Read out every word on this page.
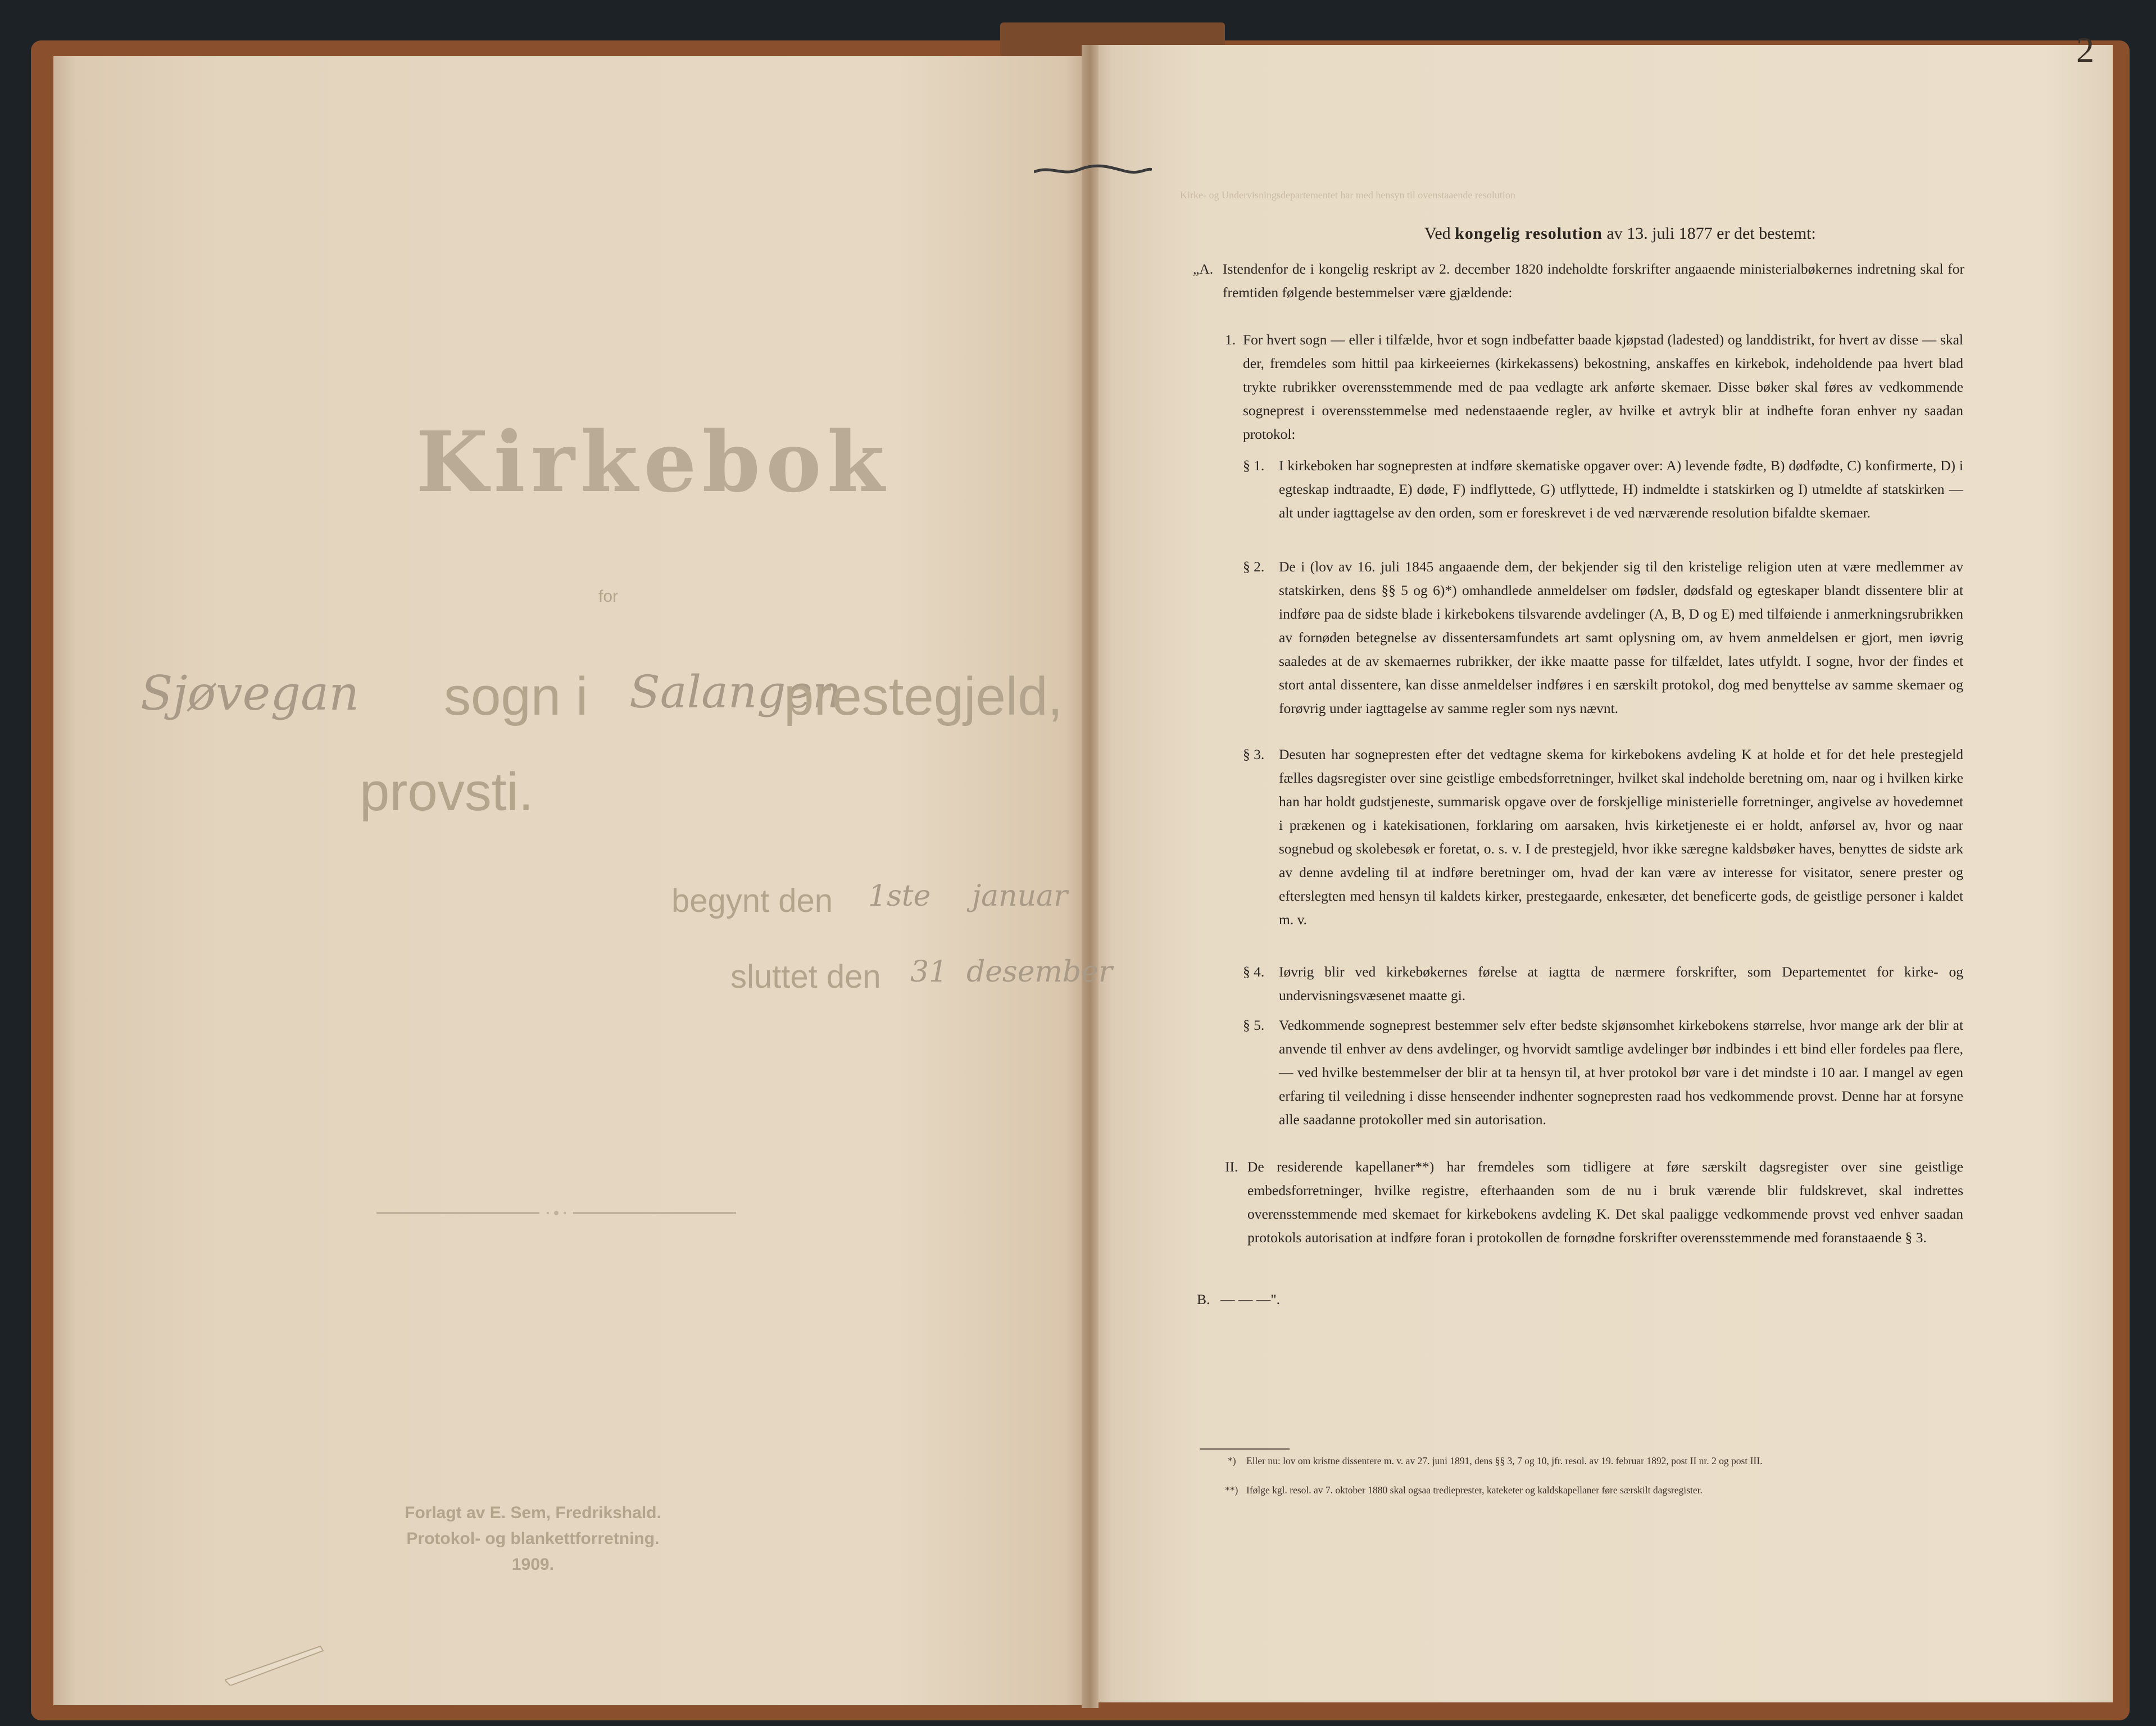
Kirkebok
for
Sjøvegan sogn i Salangen
prestegjeld,
provsti.
begynt den 1ste januar
sluttet den 31 desember
Forlagt av E. Sem, Fredrikshald.
Protokol- og blankettforretning.
1909.
2
Kirke- og Undervisningsdepartementet har med hensyn til ovenstaaende resolution
Ved kongelig resolution av 13. juli 1877 er det bestemt:
„A. Istendenfor de i kongelig reskript av 2. december 1820 indeholdte forskrifter angaaende ministerialbøkernes indretning skal for fremtiden følgende bestemmelser være gjældende:
1. For hvert sogn — eller i tilfælde, hvor et sogn indbefatter baade kjøpstad (ladested) og landdistrikt, for hvert av disse — skal der, fremdeles som hittil paa kirkeeiernes (kirkekassens) bekostning, anskaffes en kirkebok, indeholdende paa hvert blad trykte rubrikker overensstemmende med de paa vedlagte ark anførte skemaer. Disse bøker skal føres av vedkommende sogneprest i overensstemmelse med nedenstaaende regler, av hvilke et avtryk blir at indhefte foran enhver ny saadan protokol:
§ 1.	I kirkeboken har sognepresten at indføre skematiske opgaver over: A) levende fødte, B) dødfødte, C) konfirmerte, D) i egteskap indtraadte, E) døde, F) indflyttede, G) utflyttede, H) indmeldte i statskirken og I) utmeldte af statskirken — alt under iagttagelse av den orden, som er foreskrevet i de ved nærværende resolution bifaldte skemaer.
§ 2.	De i (lov av 16. juli 1845 angaaende dem, der bekjender sig til den kristelige religion uten at være medlemmer av statskirken, dens §§ 5 og 6)*) omhandlede anmeldelser om fødsler, dødsfald og egteskaper blandt dissentere blir at indføre paa de sidste blade i kirkebokens tilsvarende avdelinger (A, B, D og E) med tilføiende i anmerkningsrubrikken av fornøden betegnelse av dissentersamfundets art samt oplysning om, av hvem anmeldelsen er gjort, men iøvrig saaledes at de av skemaernes rubrikker, der ikke maatte passe for tilfældet, lates utfyldt. I sogne, hvor der findes et stort antal dissentere, kan disse anmeldelser indføres i en særskilt protokol, dog med benyttelse av samme skemaer og forøvrig under iagttagelse av samme regler som nys nævnt.
§ 3.	Desuten har sognepresten efter det vedtagne skema for kirkebokens avdeling K at holde et for det hele prestegjeld fælles dagsregister over sine geistlige embedsforretninger, hvilket skal indeholde beretning om, naar og i hvilken kirke han har holdt gudstjeneste, summarisk opgave over de forskjellige ministerielle forretninger, angivelse av hovedemnet i prækenen og i katekisationen, forklaring om aarsaken, hvis kirketjeneste ei er holdt, anførsel av, hvor og naar sognebud og skolebesøk er foretat, o. s. v. I de prestegjeld, hvor ikke særegne kaldsbøker haves, benyttes de sidste ark av denne avdeling til at indføre beretninger om, hvad der kan være av interesse for visitator, senere prester og efterslegten med hensyn til kaldets kirker, prestegaarde, enkesæter, det beneficerte gods, de geistlige personer i kaldet m. v.
§ 4.	Iøvrig blir ved kirkebøkernes førelse at iagtta de nærmere forskrifter, som Departementet for kirke- og undervisningsvæsenet maatte gi.
§ 5.	Vedkommende sogneprest bestemmer selv efter bedste skjønsomhet kirkebokens størrelse, hvor mange ark der blir at anvende til enhver av dens avdelinger, og hvorvidt samtlige avdelinger bør indbindes i ett bind eller fordeles paa flere, — ved hvilke bestemmelser der blir at ta hensyn til, at hver protokol bør vare i det mindste i 10 aar. I mangel av egen erfaring til veiledning i disse henseender indhenter sognepresten raad hos vedkommende provst. Denne har at forsyne alle saadanne protokoller med sin autorisation.
II. De residerende kapellaner**) har fremdeles som tidligere at føre særskilt dagsregister over sine geistlige embedsforretninger, hvilke registre, efterhaanden som de nu i bruk værende blir fuldskrevet, skal indrettes overensstemmende med skemaet for kirkebokens avdeling K. Det skal paaligge vedkommende provst ved enhver saadan protokols autorisation at indføre foran i protokollen de fornødne forskrifter overensstemmende med foranstaaende § 3.
B. — — —".
*)	Eller nu: lov om kristne dissentere m. v. av 27. juni 1891, dens §§ 3, 7 og 10, jfr. resol. av 19. februar 1892, post II nr. 2 og post III.
**) Ifølge kgl. resol. av 7. oktober 1880 skal ogsaa tredieprester, kateketer og kaldskapellaner føre særskilt dagsregister.
